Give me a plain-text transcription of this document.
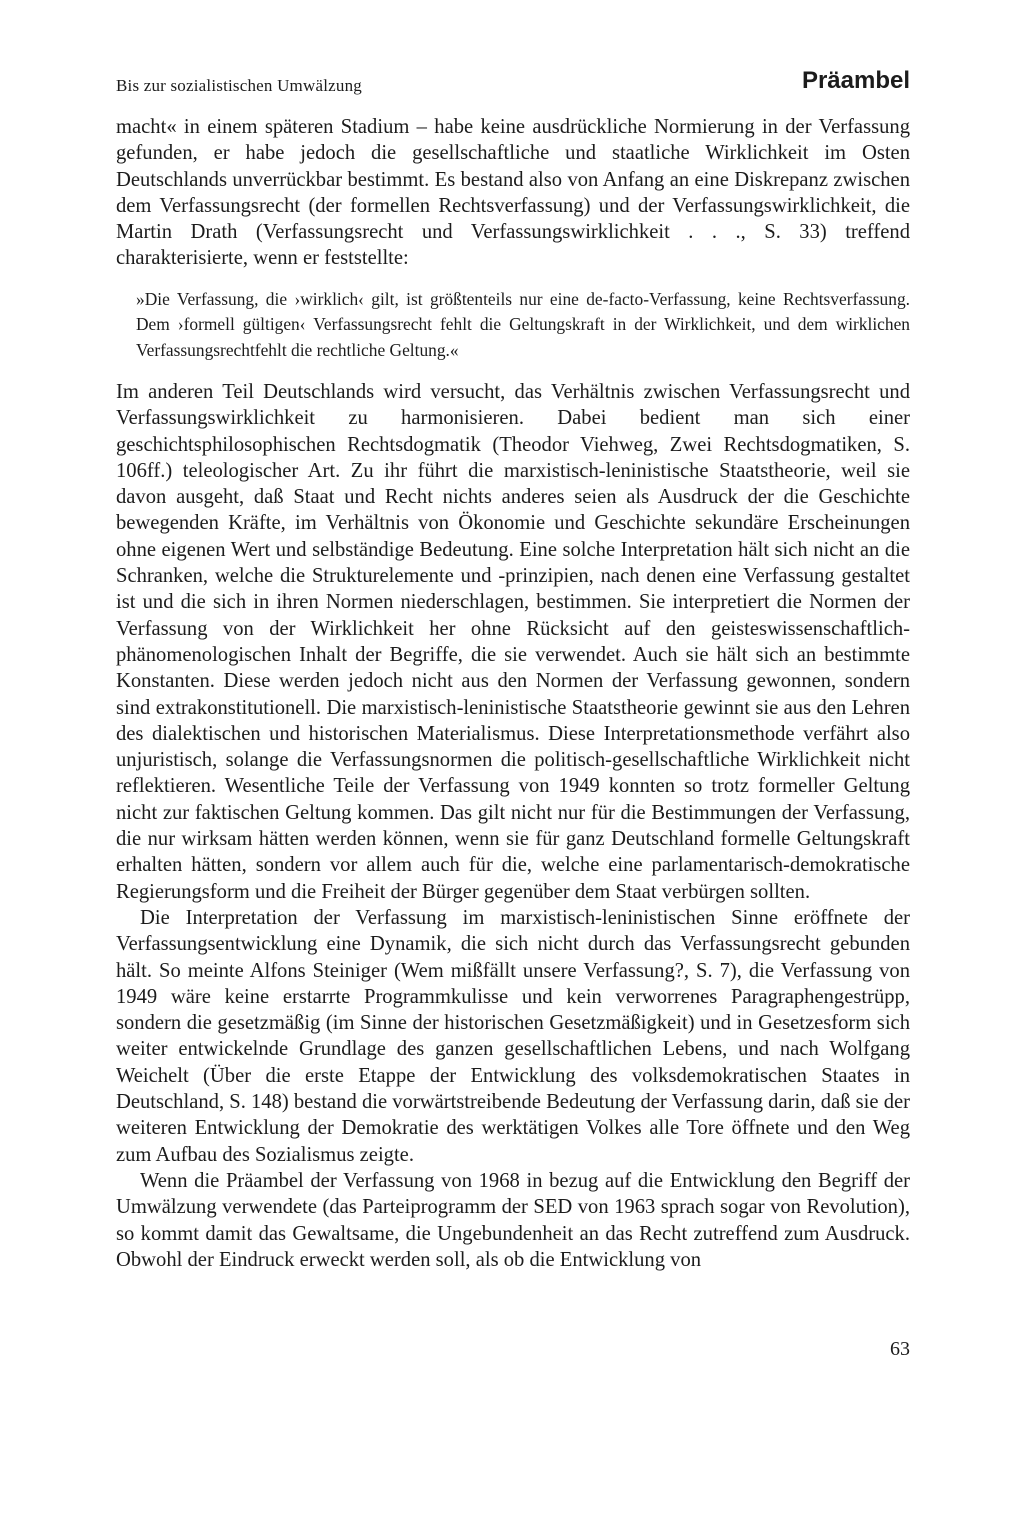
Bis zur sozialistischen Umwälzung	Präambel

macht« in einem späteren Stadium – habe keine ausdrückliche Normierung in der Verfassung gefunden, er habe jedoch die gesellschaftliche und staatliche Wirklichkeit im Osten Deutschlands unverrückbar bestimmt. Es bestand also von Anfang an eine Diskrepanz zwischen dem Verfassungsrecht (der formellen Rechtsverfassung) und der Verfassungswirklichkeit, die Martin Drath (Verfassungsrecht und Verfassungswirklichkeit . . ., S. 33) treffend charakterisierte, wenn er feststellte:

»Die Verfassung, die ›wirklich‹ gilt, ist größtenteils nur eine de-facto-Verfassung, keine Rechtsverfassung. Dem ›formell gültigen‹ Verfassungsrecht fehlt die Geltungskraft in der Wirklichkeit, und dem wirklichen Verfassungsrechtfehlt die rechtliche Geltung.«

Im anderen Teil Deutschlands wird versucht, das Verhältnis zwischen Verfassungsrecht und Verfassungswirklichkeit zu harmonisieren. Dabei bedient man sich einer geschichtsphilosophischen Rechtsdogmatik (Theodor Viehweg, Zwei Rechtsdogmatiken, S. 106ff.) teleologischer Art. Zu ihr führt die marxistisch-leninistische Staatstheorie, weil sie davon ausgeht, daß Staat und Recht nichts anderes seien als Ausdruck der die Geschichte bewegenden Kräfte, im Verhältnis von Ökonomie und Geschichte sekundäre Erscheinungen ohne eigenen Wert und selbständige Bedeutung. Eine solche Interpretation hält sich nicht an die Schranken, welche die Strukturelemente und -prinzipien, nach denen eine Verfassung gestaltet ist und die sich in ihren Normen niederschlagen, bestimmen. Sie interpretiert die Normen der Verfassung von der Wirklichkeit her ohne Rücksicht auf den geisteswissenschaftlich-phänomenologischen Inhalt der Begriffe, die sie verwendet. Auch sie hält sich an bestimmte Konstanten. Diese werden jedoch nicht aus den Normen der Verfassung gewonnen, sondern sind extrakonstitutionell. Die marxistisch-leninistische Staatstheorie gewinnt sie aus den Lehren des dialektischen und historischen Materialismus. Diese Interpretationsmethode verfährt also unjuristisch, solange die Verfassungsnormen die politisch-gesellschaftliche Wirklichkeit nicht reflektieren. Wesentliche Teile der Verfassung von 1949 konnten so trotz formeller Geltung nicht zur faktischen Geltung kommen. Das gilt nicht nur für die Bestimmungen der Verfassung, die nur wirksam hätten werden können, wenn sie für ganz Deutschland formelle Geltungskraft erhalten hätten, sondern vor allem auch für die, welche eine parlamentarisch-demokratische Regierungsform und die Freiheit der Bürger gegenüber dem Staat verbürgen sollten.

Die Interpretation der Verfassung im marxistisch-leninistischen Sinne eröffnete der Verfassungsentwicklung eine Dynamik, die sich nicht durch das Verfassungsrecht gebunden hält. So meinte Alfons Steiniger (Wem mißfällt unsere Verfassung?, S. 7), die Verfassung von 1949 wäre keine erstarrte Programmkulisse und kein verworrenes Paragraphengestrüpp, sondern die gesetzmäßig (im Sinne der historischen Gesetzmäßigkeit) und in Gesetzesform sich weiter entwickelnde Grundlage des ganzen gesellschaftlichen Lebens, und nach Wolfgang Weichelt (Über die erste Etappe der Entwicklung des volksdemokratischen Staates in Deutschland, S. 148) bestand die vorwärtstreibende Bedeutung der Verfassung darin, daß sie der weiteren Entwicklung der Demokratie des werktätigen Volkes alle Tore öffnete und den Weg zum Aufbau des Sozialismus zeigte.

Wenn die Präambel der Verfassung von 1968 in bezug auf die Entwicklung den Begriff der Umwälzung verwendete (das Parteiprogramm der SED von 1963 sprach sogar von Revolution), so kommt damit das Gewaltsame, die Ungebundenheit an das Recht zutreffend zum Ausdruck. Obwohl der Eindruck erweckt werden soll, als ob die Entwicklung von

63
